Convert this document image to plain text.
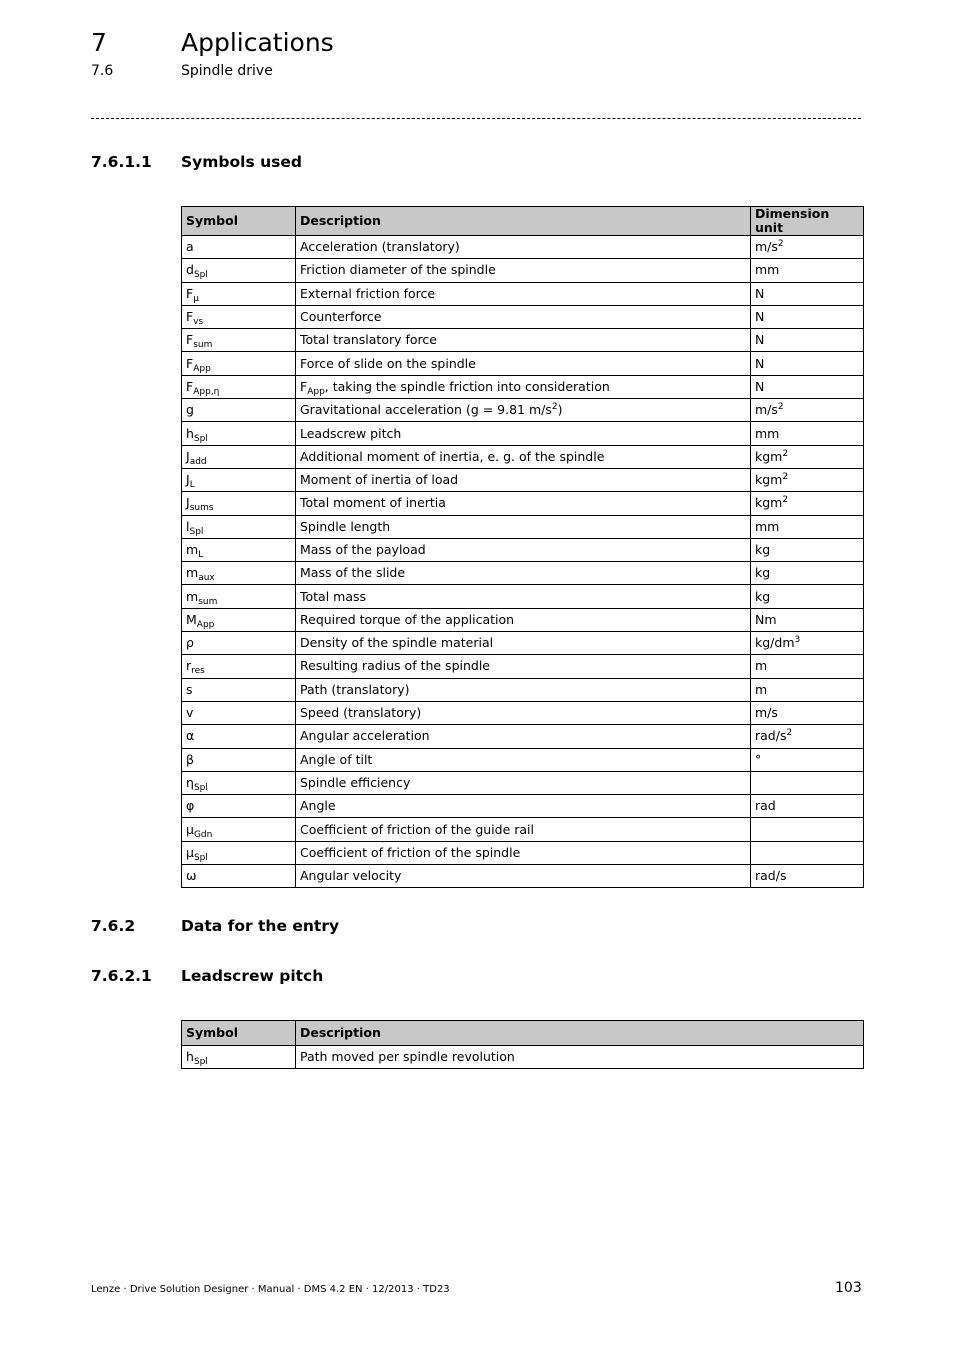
7	Applications
7.6	Spindle drive
7.6.1.1 Symbols used
Symbol	Description	Dimension unit
a	Acceleration (translatory)	$m/s^2$
$d_{Spl}$	Friction diameter of the spindle	mm
$F_\mu$	External friction force	N
$F_{vs}$	Counterforce	N
$F_{sum}$	Total translatory force	N
$F_{App}$	Force of slide on the spindle	N
$F_{App,\eta}$	$F_{App}$, taking the spindle friction into consideration	N
g	Gravitational acceleration (g = 9.81 $m/s^2$)	$m/s^2$
$h_{Spl}$	Leadscrew pitch	mm
$J_{add}$	Additional moment of inertia, e. g. of the spindle	kgm$^2$
$J_L$	Moment of inertia of load	kgm$^2$
$J_{sums}$	Total moment of inertia	kgm$^2$
$l_{Spl}$	Spindle length	mm
$m_L$	Mass of the payload	kg
$m_{aux}$	Mass of the slide	kg
$m_{sum}$	Total mass	kg
$M_{App}$	Required torque of the application	Nm
ρ	Density of the spindle material	$kg/dm^3$
$r_{res}$	Resulting radius of the spindle	m
s	Path (translatory)	m
v	Speed (translatory)	m/s
α	Angular acceleration	rad/$s^2$
β	Angle of tilt	°
$\eta_{Spl}$	Spindle efficiency	
φ	Angle	rad
$\mu_{Gdn}$	Coefficient of friction of the guide rail	
$\mu_{Spl}$	Coefficient of friction of the spindle	
ω	Angular velocity	rad/s
7.6.2	Data for the entry
7.6.2.1 Leadscrew pitch
Symbol	Description
$h_{Spl}$	Path moved per spindle revolution
Lenze · Drive Solution Designer · Manual · DMS 4.2 EN · 12/2013 · TD23	103
